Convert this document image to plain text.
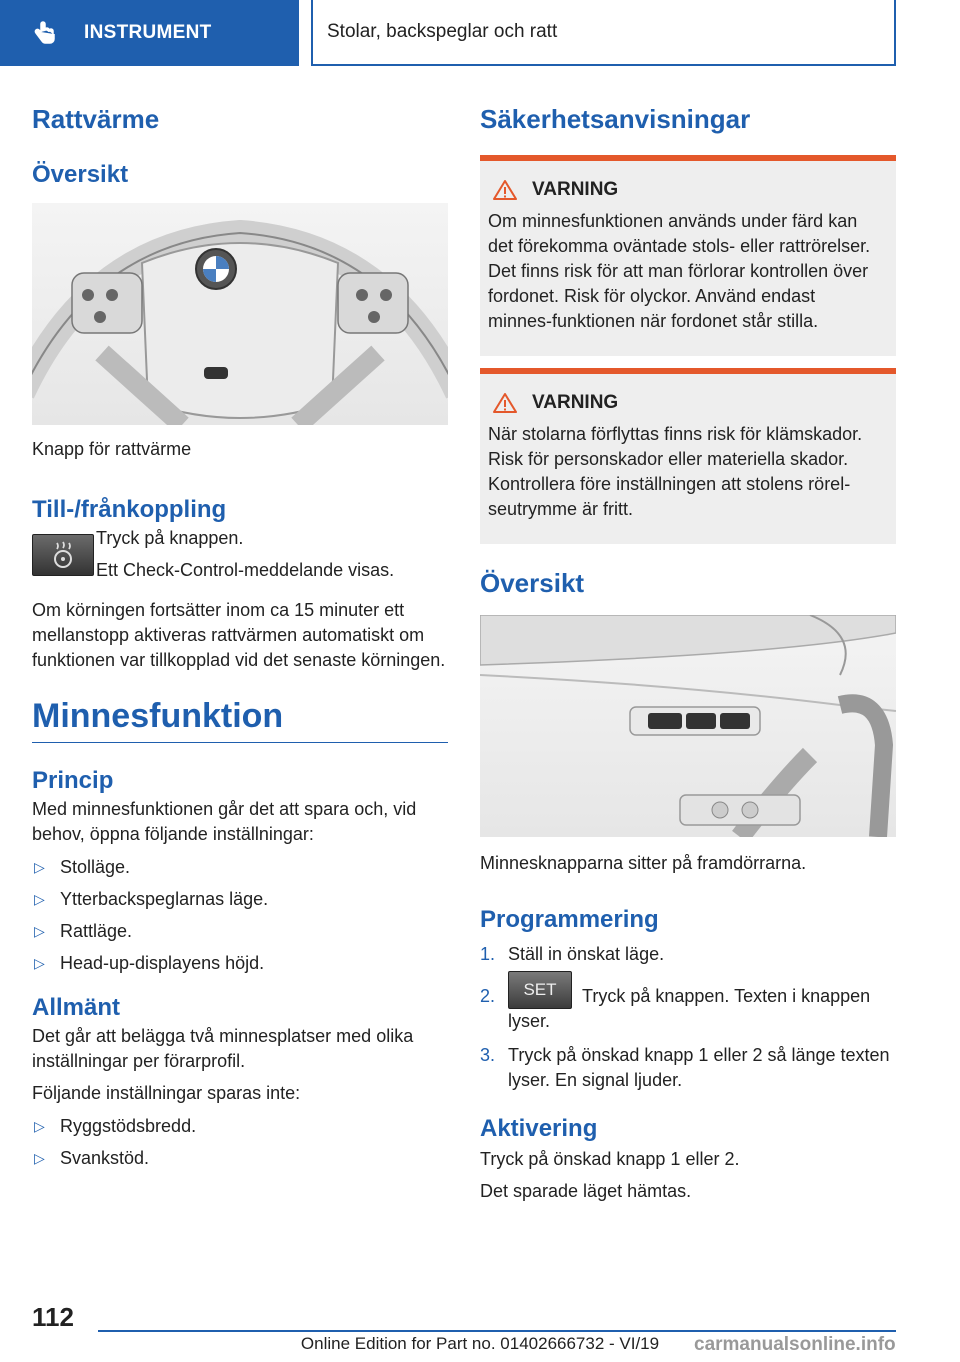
INSTRUMENT	Stolar, backspeglar och ratt
Rattvärme
Översikt
Knapp för rattvärme
Till-/frånkoppling
Tryck på knappen.
Ett Check-Control-meddelande visas.
Om körningen fortsätter inom ca 15 minuter ett mellanstopp aktiveras rattvärmen automatiskt om funktionen var tillkopplad vid det senaste körningen.
Minnesfunktion
Princip
Med minnesfunktionen går det att spara och, vid behov, öppna följande inställningar:
▷ Stolläge.
▷ Ytterbackspeglarnas läge.
▷ Rattläge.
▷ Head-up-displayens höjd.
Allmänt
Det går att belägga två minnesplatser med olika inställningar per förarprofil.
Följande inställningar sparas inte:
▷ Ryggstödsbredd.
▷ Svankstöd.
Säkerhetsanvisningar
VARNING
Om minnesfunktionen används under färd kan det förekomma oväntade stols- eller rattrörelser. Det finns risk för att man förlorar kontrollen över fordonet. Risk för olyckor. Använd endast minnes-funktionen när fordonet står stilla.
VARNING
När stolarna förflyttas finns risk för klämskador. Risk för personskador eller materiella skador. Kontrollera före inställningen att stolens rörelseutrymme är fritt.
Översikt
Minnesknapparna sitter på framdörrarna.
Programmering
1. Ställ in önskat läge.
2. SET Tryck på knappen. Texten i knappen lyser.
3. Tryck på önskad knapp 1 eller 2 så länge texten lyser. En signal ljuder.
Aktivering
Tryck på önskad knapp 1 eller 2.
Det sparade läget hämtas.
112
Online Edition for Part no. 01402666732 - VI/19	carmanualsonline.info
